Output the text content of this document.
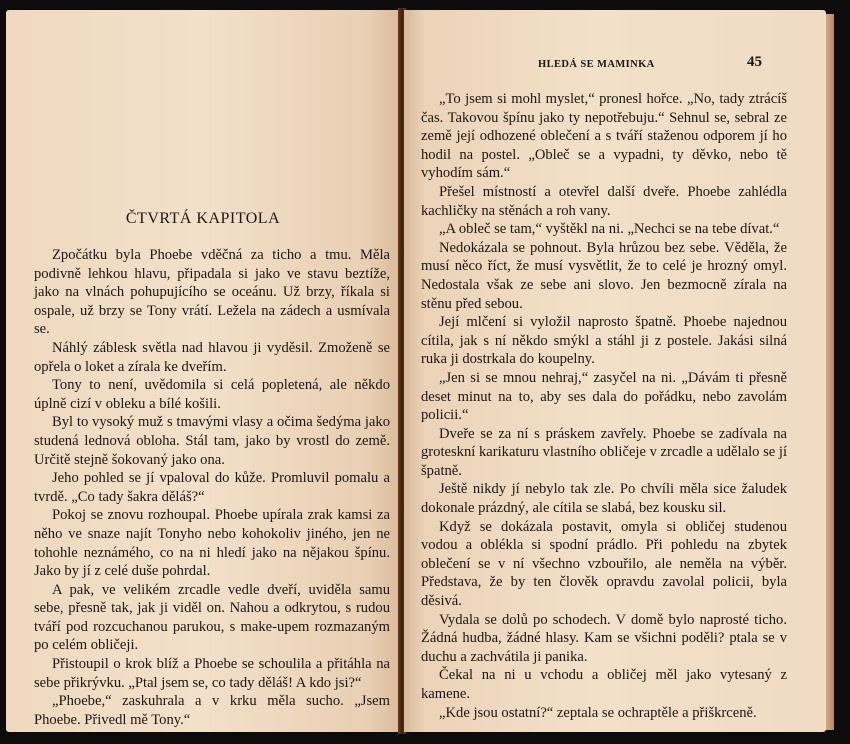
ČTVRTÁ KAPITOLA

Zpočátku byla Phoebe vděčná za ticho a tmu. Měla podivně lehkou hlavu, připadala si jako ve stavu beztíže, jako na vlnách pohupujícího se oceánu. Už brzy, říkala si ospale, už brzy se Tony vrátí. Ležela na zádech a usmívala se.

Náhlý záblesk světla nad hlavou ji vyděsil. Zmoženě se opřela o loket a zírala ke dveřím.

Tony to není, uvědomila si celá popletená, ale někdo úplně cizí v obleku a bílé košili.

Byl to vysoký muž s tmavými vlasy a očima šedýma jako studená lednová obloha. Stál tam, jako by vrostl do země. Určitě stejně šokovaný jako ona.

Jeho pohled se jí vpaloval do kůže. Promluvil pomalu a tvrdě. „Co tady šakra děláš?“

Pokoj se znovu rozhoupal. Phoebe upírala zrak kamsi za něho ve snaze najít Tonyho nebo kohokoliv jiného, jen ne tohohle neznámého, co na ni hledí jako na nějakou špínu. Jako by jí z celé duše pohrdal.

A pak, ve velikém zrcadle vedle dveří, uviděla samu sebe, přesně tak, jak ji viděl on. Nahou a odkrytou, s rudou tváří pod rozcuchanou parukou, s make-upem rozmazaným po celém obličeji.

Přistoupil o krok blíž a Phoebe se schoulila a přitáhla na sebe přikrývku. „Ptal jsem se, co tady děláš! A kdo jsi?“

„Phoebe,“ zaskuhrala a v krku měla sucho. „Jsem Phoebe. Přivedl mě Tony.“

HLEDÁ SE MAMINKA	45

„To jsem si mohl myslet,“ pronesl hořce. „No, tady ztrácíš čas. Takovou špínu jako ty nepotřebuju.“ Sehnul se, sebral ze země její odhozené oblečení a s tváří staženou odporem jí ho hodil na postel. „Obleč se a vypadni, ty děvko, nebo tě vyhodím sám.“

Přešel místností a otevřel další dveře. Phoebe zahlédla kachličky na stěnách a roh vany.

„A obleč se tam,“ vyštěkl na ni. „Nechci se na tebe dívat.“

Nedokázala se pohnout. Byla hrůzou bez sebe. Věděla, že musí něco říct, že musí vysvětlit, že to celé je hrozný omyl. Nedostala však ze sebe ani slovo. Jen bezmocně zírala na stěnu před sebou.

Její mlčení si vyložil naprosto špatně. Phoebe najednou cítila, jak s ní někdo smýkl a stáhl ji z postele. Jakási silná ruka ji dostrkala do koupelny.

„Jen si se mnou nehraj,“ zasyčel na ni. „Dávám ti přesně deset minut na to, aby ses dala do pořádku, nebo zavolám policii.“

Dveře se za ní s práskem zavřely. Phoebe se zadívala na groteskní karikaturu vlastního obličeje v zrcadle a udělalo se jí špatně.

Ještě nikdy jí nebylo tak zle. Po chvíli měla sice žaludek dokonale prázdný, ale cítila se slabá, bez kousku sil.

Když se dokázala postavit, omyla si obličej studenou vodou a oblékla si spodní prádlo. Při pohledu na zbytek oblečení se v ní všechno vzbouřilo, ale neměla na výběr. Představa, že by ten člověk opravdu zavolal policii, byla děsivá.

Vydala se dolů po schodech. V domě bylo naprosté ticho. Žádná hudba, žádné hlasy. Kam se všichni poděli? ptala se v duchu a zachvátila ji panika.

Čekal na ni u vchodu a obličej měl jako vytesaný z kamene.

„Kde jsou ostatní?“ zeptala se ochraptěle a přiškrceně.
